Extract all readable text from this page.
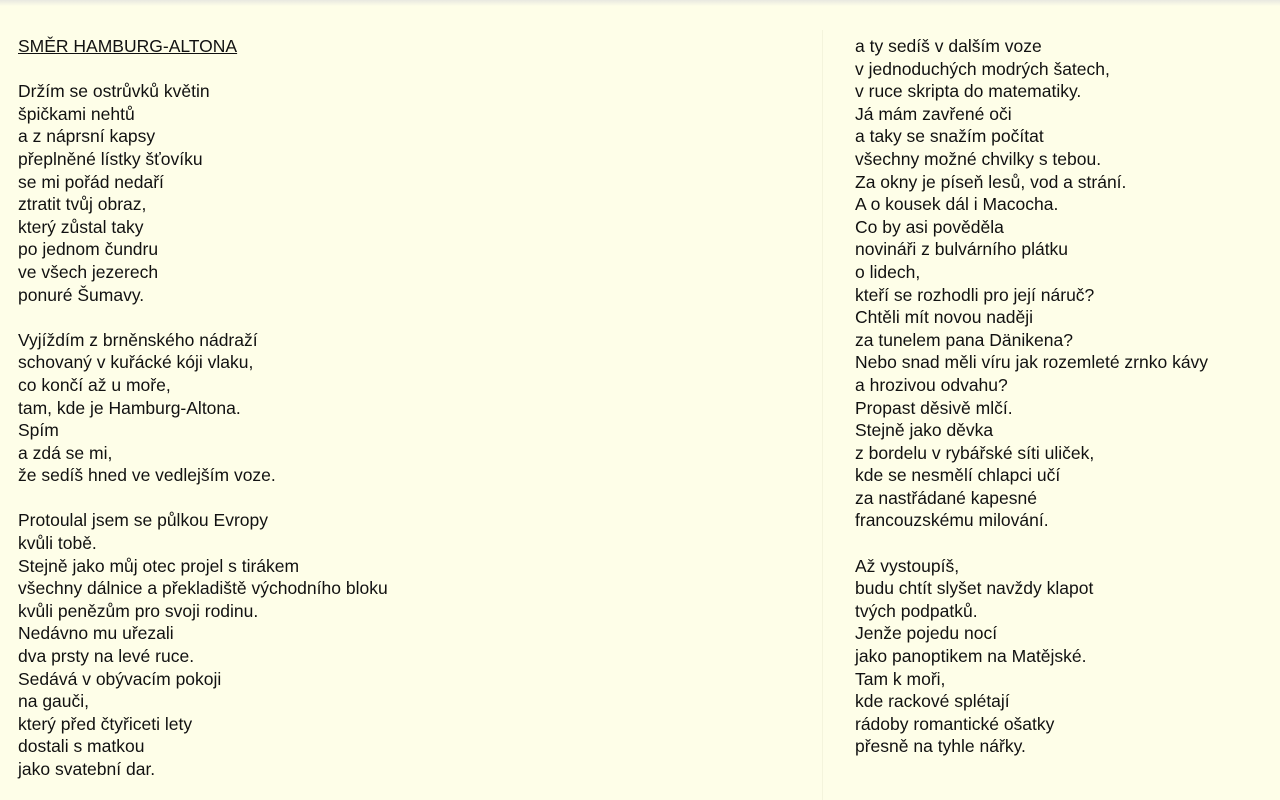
SMĚR HAMBURG-ALTONA
Držím se ostrůvků květin
špičkami nehtů
a z náprsní kapsy
přeplněné lístky šťovíku
se mi pořád nedaří
ztratit tvůj obraz,
který zůstal taky
po jednom čundru
ve všech jezerech
ponuré Šumavy.
Vyjíždím z brněnského nádraží
schovaný v kuřácké kóji vlaku,
co končí až u moře,
tam, kde je Hamburg-Altona.
Spím
a zdá se mi,
že sedíš hned ve vedlejším voze.
Protoulal jsem se půlkou Evropy
kvůli tobě.
Stejně jako můj otec projel s tirákem
všechny dálnice a překladiště východního bloku
kvůli penězům pro svoji rodinu.
Nedávno mu uřezali
dva prsty na levé ruce.
Sedává v obývacím pokoji
na gauči,
který před čtyřiceti lety
dostali s matkou
jako svatební dar.
a ty sedíš v dalším voze
v jednoduchých modrých šatech,
v ruce skripta do matematiky.
Já mám zavřené oči
a taky se snažím počítat
všechny možné chvilky s tebou.
Za okny je píseň lesů, vod a strání.
A o kousek dál i Macocha.
Co by asi pověděla
novináři z bulvárního plátku
o lidech,
kteří se rozhodli pro její náruč?
Chtěli mít novou naději
za tunelem pana Dänikena?
Nebo snad měli víru jak rozemleté zrnko kávy
a hrozivou odvahu?
Propast děsivě mlčí.
Stejně jako děvka
z bordelu v rybářské síti uliček,
kde se nesmělí chlapci učí
za nastřádané kapesné
francouzskému milování.
Až vystoupíš,
budu chtít slyšet navždy klapot
tvých podpatků.
Jenže pojedu nocí
jako panoptikem na Matějské.
Tam k moři,
kde rackové splétají
rádoby romantické ošatky
přesně na tyhle nářky.
